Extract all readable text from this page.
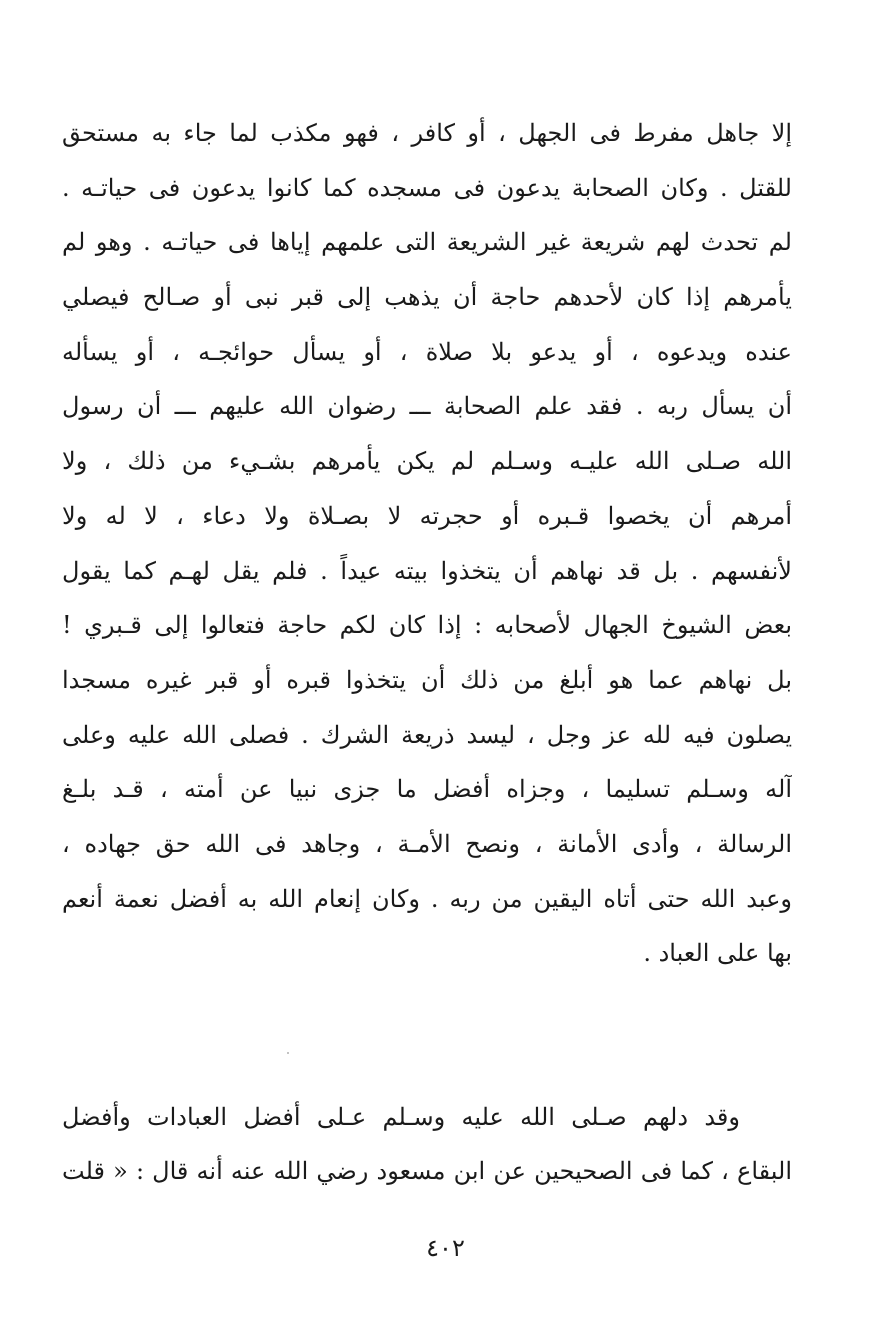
إلا جاهل مفرط فى الجهل ، أو كافر ، فهو مكذب لما جاء به مستحق
للقتل . وكان الصحابة يدعون فى مسجده كما كانوا يدعون فى حياتـه .
لم تحدث لهم شريعة غير الشريعة التى علمهم إياها فى حياتـه . وهو لم
يأمرهم إذا كان لأحدهم حاجة أن يذهب إلى قبر نبى أو صـالح فيصلي
عنده ويدعوه ، أو يدعو بلا صلاة ، أو يسأل حوائجـه ، أو يسأله
أن يسأل ربه . فقد علم الصحابة ـــ رضوان الله عليهم ـــ أن رسول
الله صـلى الله عليـه وسـلم لم يكن يأمرهم بشـيء من ذلك ، ولا
أمرهم أن يخصوا قـبره أو حجرته لا بصـلاة ولا دعاء ، لا له ولا
لأنفسهم . بل قد نهاهم أن يتخذوا بيته عيداً . فلم يقل لهـم كما يقول
بعض الشيوخ الجهال لأصحابه : إذا كان لكم حاجة فتعالوا إلى قـبري !
بل نهاهم عما هو أبلغ من ذلك أن يتخذوا قبره أو قبر غيره مسجدا
يصلون فيه لله عز وجل ، ليسد ذريعة الشرك . فصلى الله عليه وعلى
آله وسـلم تسليما ، وجزاه أفضل ما جزى نبيا عن أمته ، قـد بلـغ
الرسالة ، وأدى الأمانة ، ونصح الأمـة ، وجاهد فى الله حق جهاده ،
وعبد الله حتى أتاه اليقين من ربه . وكان إنعام الله به أفضل نعمة أنعم
بها على العباد .
وقد دلهم صـلى الله عليه وسـلم عـلى أفضل العبادات وأفضل
البقاع ، كما فى الصحيحين عن ابن مسعود رضي الله عنه أنه قال : « قلت
٤٠٢
